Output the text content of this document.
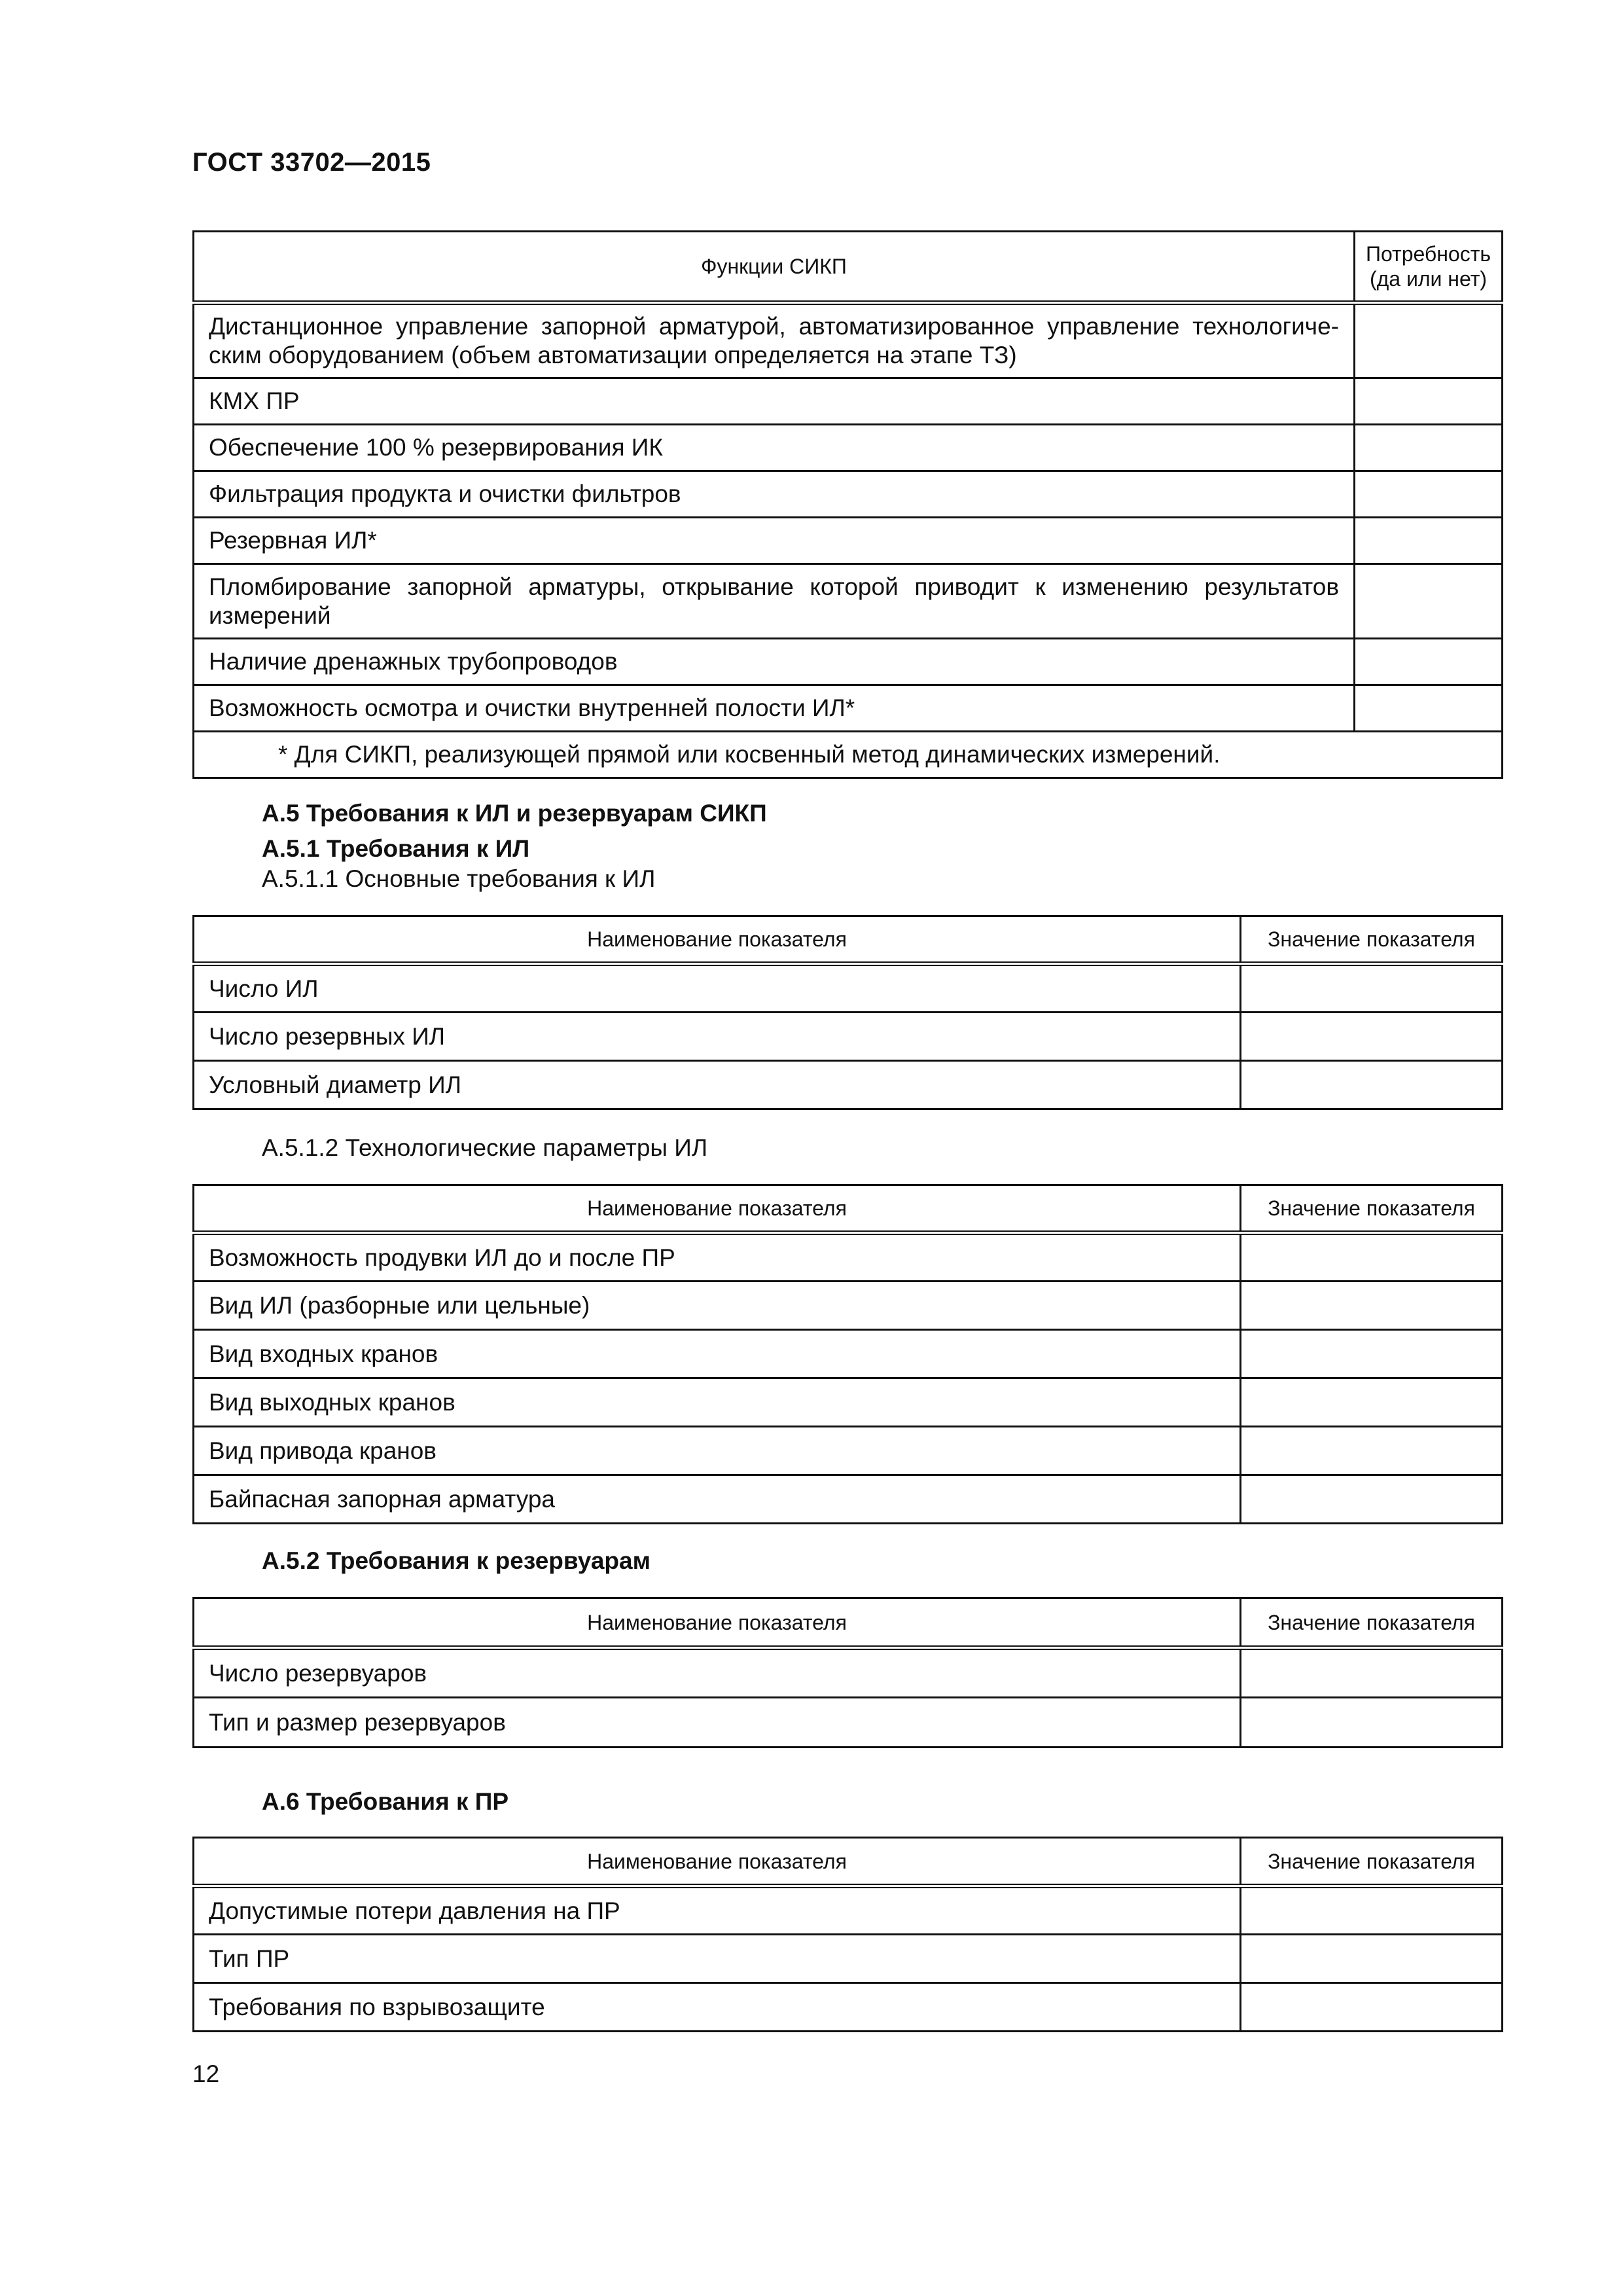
ГОСТ 33702—2015
Функции СИКП	Потребность (да или нет)
Дистанционное управление запорной арматурой, автоматизированное управление технологиче-ским оборудованием (объем автоматизации определяется на этапе ТЗ)	
КМХ ПР	
Обеспечение 100 % резервирования ИК	
Фильтрация продукта и очистки фильтров	
Резервная ИЛ*	
Пломбирование запорной арматуры, открывание которой приводит к изменению результатов измерений	
Наличие дренажных трубопроводов	
Возможность осмотра и очистки внутренней полости ИЛ*	
* Для СИКП, реализующей прямой или косвенный метод динамических измерений.	
А.5 Требования к ИЛ и резервуарам СИКП
А.5.1 Требования к ИЛ
А.5.1.1 Основные требования к ИЛ
Наименование показателя	Значение показателя
Число ИЛ	
Число резервных ИЛ	
Условный диаметр ИЛ	
А.5.1.2 Технологические параметры ИЛ
Наименование показателя	Значение показателя
Возможность продувки ИЛ до и после ПР	
Вид ИЛ (разборные или цельные)	
Вид входных кранов	
Вид выходных кранов	
Вид привода кранов	
Байпасная запорная арматура	
А.5.2 Требования к резервуарам
Наименование показателя	Значение показателя
Число резервуаров	
Тип и размер резервуаров	
А.6 Требования к ПР
Наименование показателя	Значение показателя
Допустимые потери давления на ПР	
Тип ПР	
Требования по взрывозащите	
12
